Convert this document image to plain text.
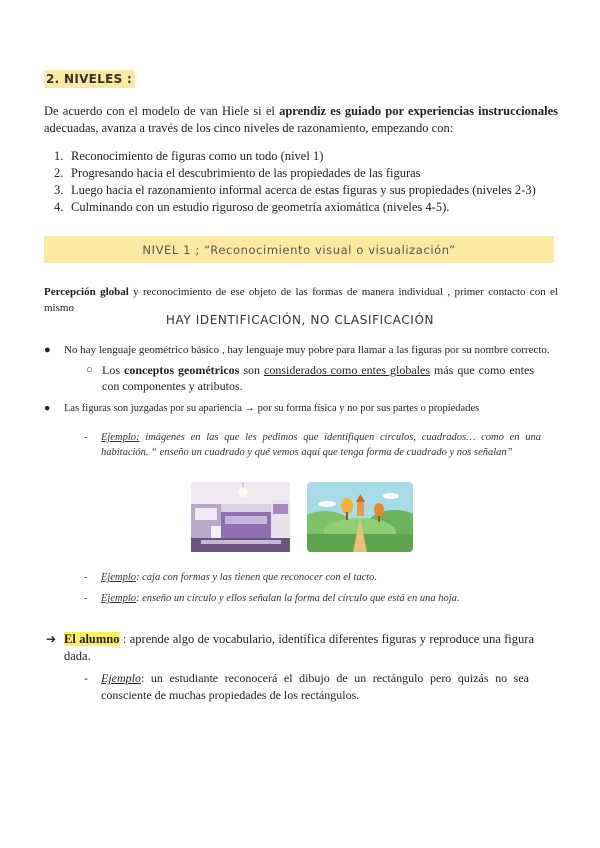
2. NIVELES :
De acuerdo con el modelo de van Hiele si el aprendiz es guiado por experiencias instruccionales adecuadas, avanza a través de los cinco niveles de razonamiento, empezando con:
1. Reconocimiento de figuras como un todo (nivel 1)
2. Progresando hacia el descubrimiento de las propiedades de las figuras
3. Luego hacia el razonamiento informal acerca de estas figuras y sus propiedades (niveles 2-3)
4. Culminando con un estudio riguroso de geometría axiomática (niveles 4-5).
NIVEL 1 ; “Reconocimiento visual o visualización”
Percepción global y reconocimiento de ese objeto de las formas de manera individual , primer contacto con el mismo
HAY IDENTIFICACIÓN, NO CLASIFICACIÓN
● No hay lenguaje geométrico básico , hay lenguaje muy pobre para llamar a las figuras por su nombre correcto.
○ Los conceptos geométricos son considerados como entes globales más que como entes con componentes y atributos.
● Las figuras son juzgadas por su apariencia → por su forma física y no por sus partes o propiedades
- Ejemplo: imágenes en las que les pedimos que identifiquen círculos, cuadrados… como en una habitación. “ enseño un cuadrado y qué vemos aquí que tenga forma de cuadrado y nos señalan”
- Ejemplo: caja con formas y las tienen que reconocer con el tacto.
- Ejemplo: enseño un círculo y ellos señalan la forma del círculo que está en una hoja.
➔ El alumno : aprende algo de vocabulario, identifica diferentes figuras y reproduce una figura dada.
- Ejemplo: un estudiante reconocerá el dibujo de un rectángulo pero quizás no sea consciente de muchas propiedades de los rectángulos.
